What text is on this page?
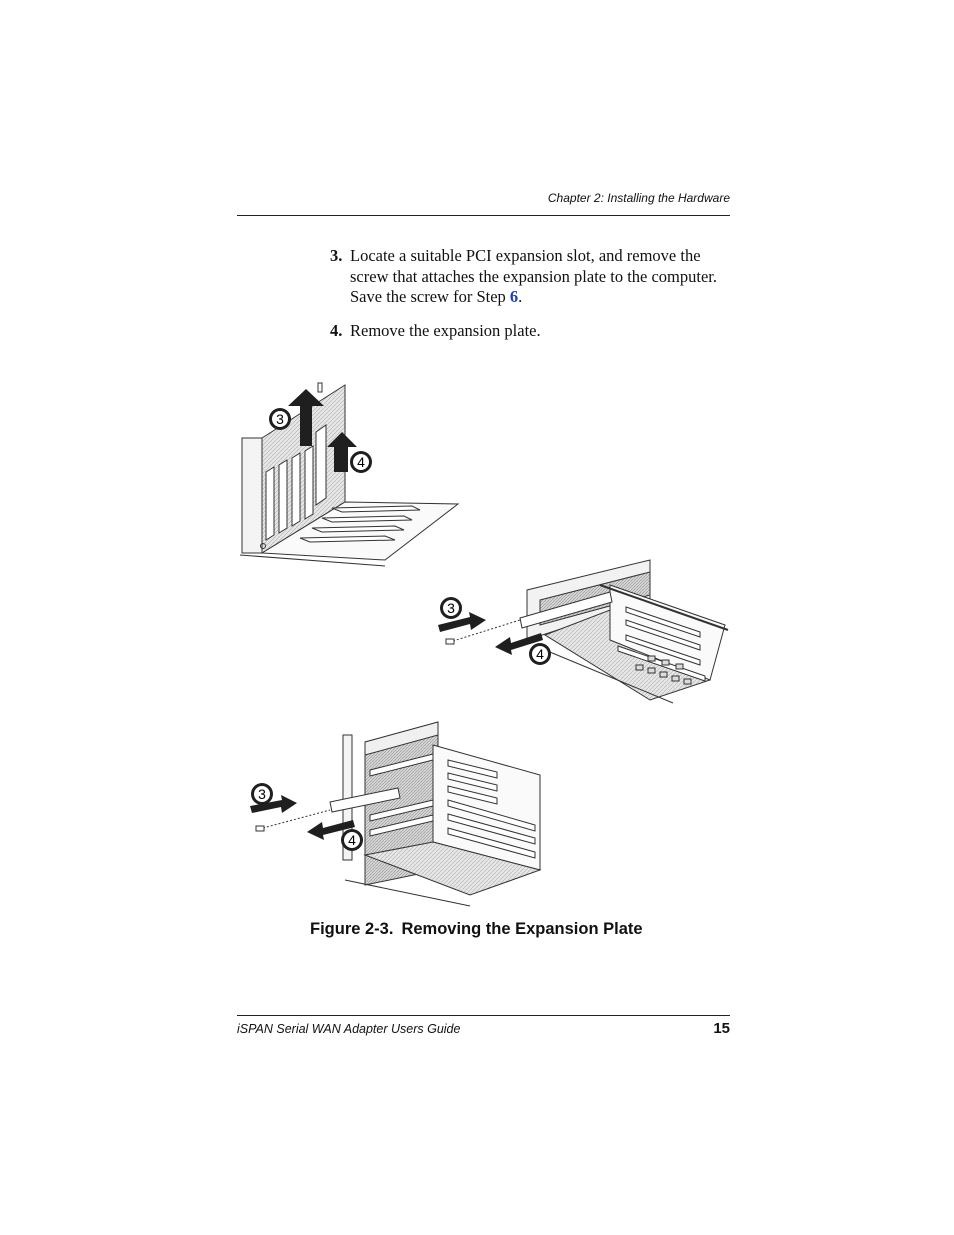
Chapter 2: Installing the Hardware
3. Locate a suitable PCI expansion slot, and remove the screw that attaches the expansion plate to the computer. Save the screw for Step 6.
4. Remove the expansion plate.
3
4
3
4
3
4
Figure 2-3. Removing the Expansion Plate
iSPAN Serial WAN Adapter Users Guide	15
